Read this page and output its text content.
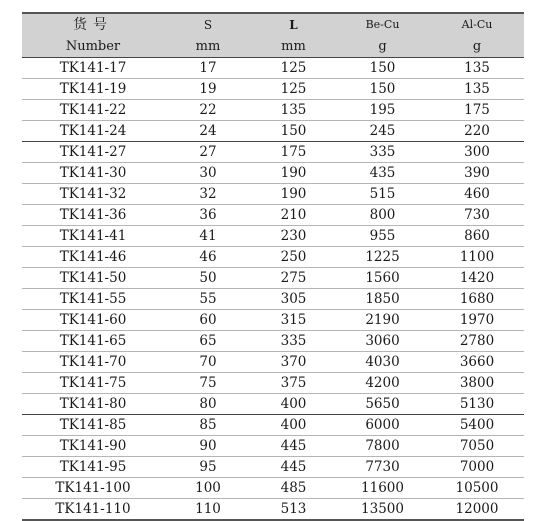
货号	S	L	Be-Cu	Al-Cu
Number	mm	mm	g	g
TK141-17	17	125	150	135
TK141-19	19	125	150	135
TK141-22	22	135	195	175
TK141-24	24	150	245	220
TK141-27	27	175	335	300
TK141-30	30	190	435	390
TK141-32	32	190	515	460
TK141-36	36	210	800	730
TK141-41	41	230	955	860
TK141-46	46	250	1225	1100
TK141-50	50	275	1560	1420
TK141-55	55	305	1850	1680
TK141-60	60	315	2190	1970
TK141-65	65	335	3060	2780
TK141-70	70	370	4030	3660
TK141-75	75	375	4200	3800
TK141-80	80	400	5650	5130
TK141-85	85	400	6000	5400
TK141-90	90	445	7800	7050
TK141-95	95	445	7730	7000
TK141-100	100	485	11600	10500
TK141-110	110	513	13500	12000
